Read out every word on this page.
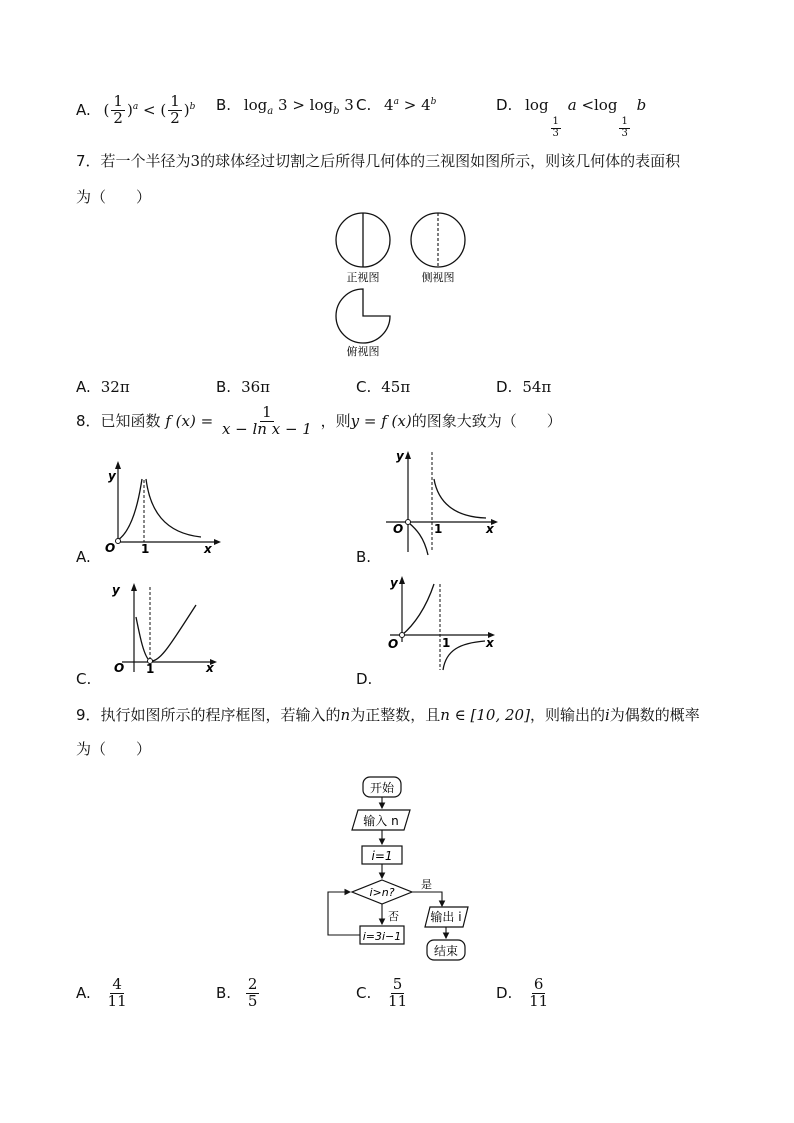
A. ( $\frac{1}{2} )^a$ < ( $\frac{1}{2} )^b$ B. $\log_a 3 > \log_b 3$ C. $4^a > 4^b$	D. log
$\frac{1}{3}$
a <log
$\frac{1}{3}$
b
7．若一个半径为3的球体经过切割之后所得几何体的三视图如图所示，则该几何体的表面积
为（　　）
正视图	侧视图
俯视图
A. 32π	B. 36π	C. 45π	D. 54π
8．已知函数 f $(x) = \frac{1}{\text{x − ln x − 1}}$ ，则y = f (x)的图象大致为（　　）
y
O 1	x
A.
y
O	1	x
B.
y
O 1	x
C.
y
O	1	x
D.
9．执行如图所示的程序框图，若输入的n为正整数，且n ∈ [10, 20]，则输出的i为偶数的概率
为（　　）
开始
输入 n
i=1
i>n?
是
输出 i
结束
否
i=3i−1
A. $\frac{4}{11}$	B. $\frac{2}{5}$	C. $\frac{5}{11}$	D. $\frac{6}{11}$
